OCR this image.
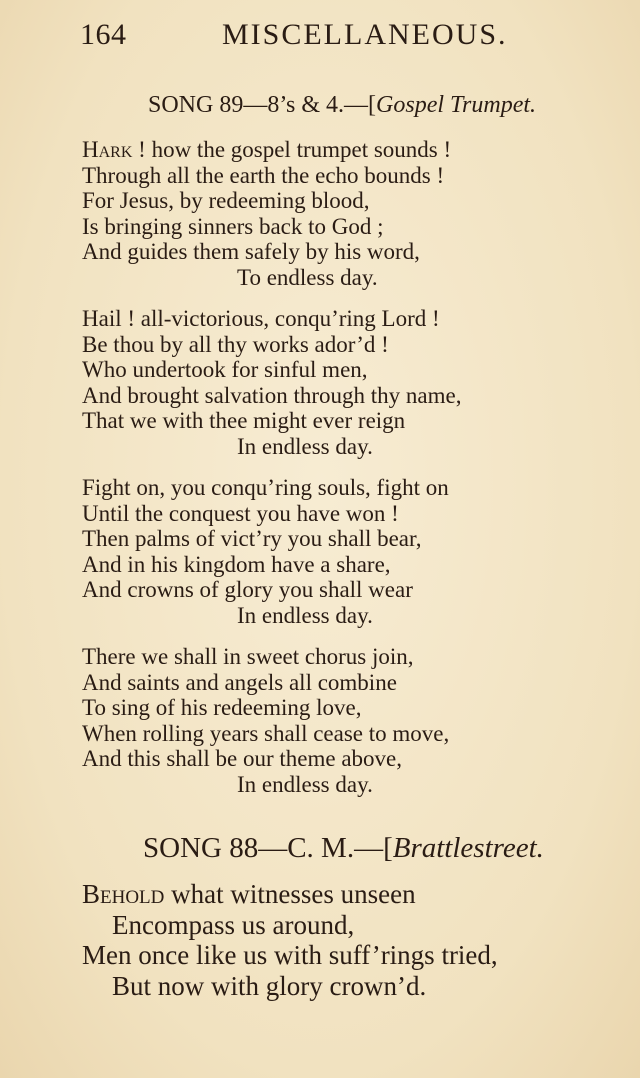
164	MISCELLANEOUS.
SONG 89—8’s & 4.—[Gospel Trumpet.
Hark ! how the gospel trumpet sounds !
Through all the earth the echo bounds !
For Jesus, by redeeming blood,
Is bringing sinners back to God ;
And guides them safely by his word,
To endless day.
Hail ! all-victorious, conqu’ring Lord !
Be thou by all thy works ador’d !
Who undertook for sinful men,
And brought salvation through thy name,
That we with thee might ever reign
In endless day.
Fight on, you conqu’ring souls, fight on
Until the conquest you have won !
Then palms of vict’ry you shall bear,
And in his kingdom have a share,
And crowns of glory you shall wear
In endless day.
There we shall in sweet chorus join,
And saints and angels all combine
To sing of his redeeming love,
When rolling years shall cease to move,
And this shall be our theme above,
In endless day.
SONG 88—C. M.—[Brattlestreet.
Behold what witnesses unseen
Encompass us around,
Men once like us with suff’rings tried,
But now with glory crown’d.
